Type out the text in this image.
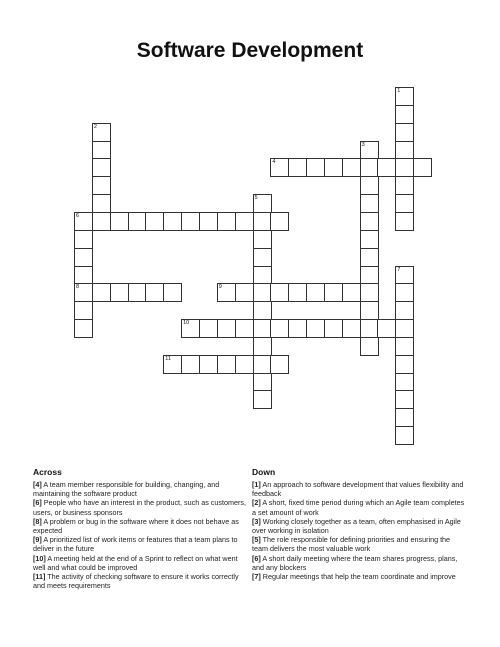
Software Development
1
2
3
4
5
6
8
7
9
10
11
Across
[4] A team member responsible for building, changing, and maintaining the software product
[6] People who have an interest in the product, such as customers, users, or business sponsors
[8] A problem or bug in the software where it does not behave as expected
[9] A prioritized list of work items or features that a team plans to deliver in the future
[10] A meeting held at the end of a Sprint to reflect on what went well and what could be improved
[11] The activity of checking software to ensure it works correctly and meets requirements
Down
[1] An approach to software development that values flexibility and feedback
[2] A short, fixed time period during which an Agile team completes a set amount of work
[3] Working closely together as a team, often emphasised in Agile over working in isolation
[5] The role responsible for defining priorities and ensuring the team delivers the most valuable work
[6] A short daily meeting where the team shares progress, plans, and any blockers
[7] Regular meetings that help the team coordinate and improve
